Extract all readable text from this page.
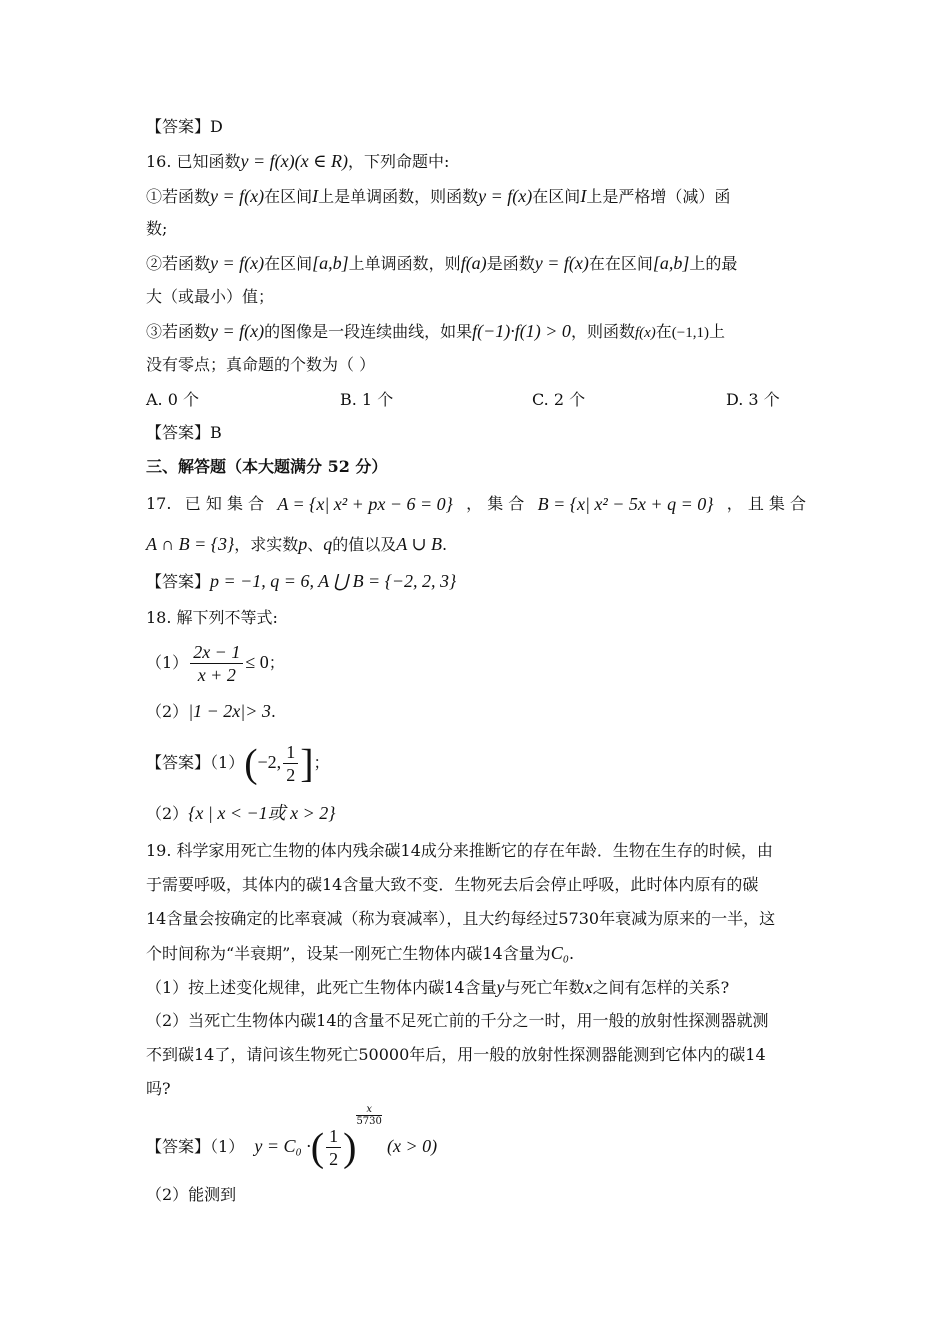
【答案】D
16. 已知函数y = f(x)(x ∈ R)，下列命题中:
①若函数y = f(x)在区间I上是单调函数，则函数y = f(x)在区间I上是严格增（减）函
数;
②若函数y = f(x)在区间[a,b]上单调函数，则f(a)是函数y = f(x)在在区间[a,b]上的最
大（或最小）值；
③若函数y = f(x)的图像是一段连续曲线，如果f(−1)·f(1) > 0，则函数f(x)在(−1,1)上
没有零点；真命题的个数为（ ）
A. 0 个	B. 1 个	C. 2 个	D. 3 个
【答案】B
三、解答题（本大题满分 52 分）
17. 已 知 集 合 A = {x| x² + px − 6 = 0} ， 集 合 B = {x| x² − 5x + q = 0} ， 且 集 合
A ∩ B = {3}，求实数p、q的值以及A ∪ B.
【答案】p = −1, q = 6, A ⋃ B = {−2, 2, 3}
18. 解下列不等式:
$(1) \frac{2x - 1}{x + 2} \le 0$；
（2）|1 − 2x|> 3.
【答案】（1）(−2, $\frac{1}{2}$ ]；
（2）{x | x < −1或 x > 2}
19. 科学家用死亡生物的体内残余碳14成分来推断它的存在年龄．生物在生存的时候，由
于需要呼吸，其体内的碳14含量大致不变．生物死去后会停止呼吸，此时体内原有的碳
14含量会按确定的比率衰减（称为衰减率），且大约每经过5730年衰减为原来的一半，这
个时间称为“半衰期”，设某一刚死亡生物体内碳14含量为C₀.
（1）按上述变化规律，此死亡生物体内碳14含量y与死亡年数x之间有怎样的关系?
（2）当死亡生物体内碳14的含量不足死亡前的千分之一时，用一般的放射性探测器就测
不到碳14了，请问该生物死亡50000年后，用一般的放射性探测器能测到它体内的碳14
吗?
【答案】（1） y = C₀ ·( $\frac{1}{2}$ )
$\frac{x}{5730}$
(x > 0)
（2）能测到
